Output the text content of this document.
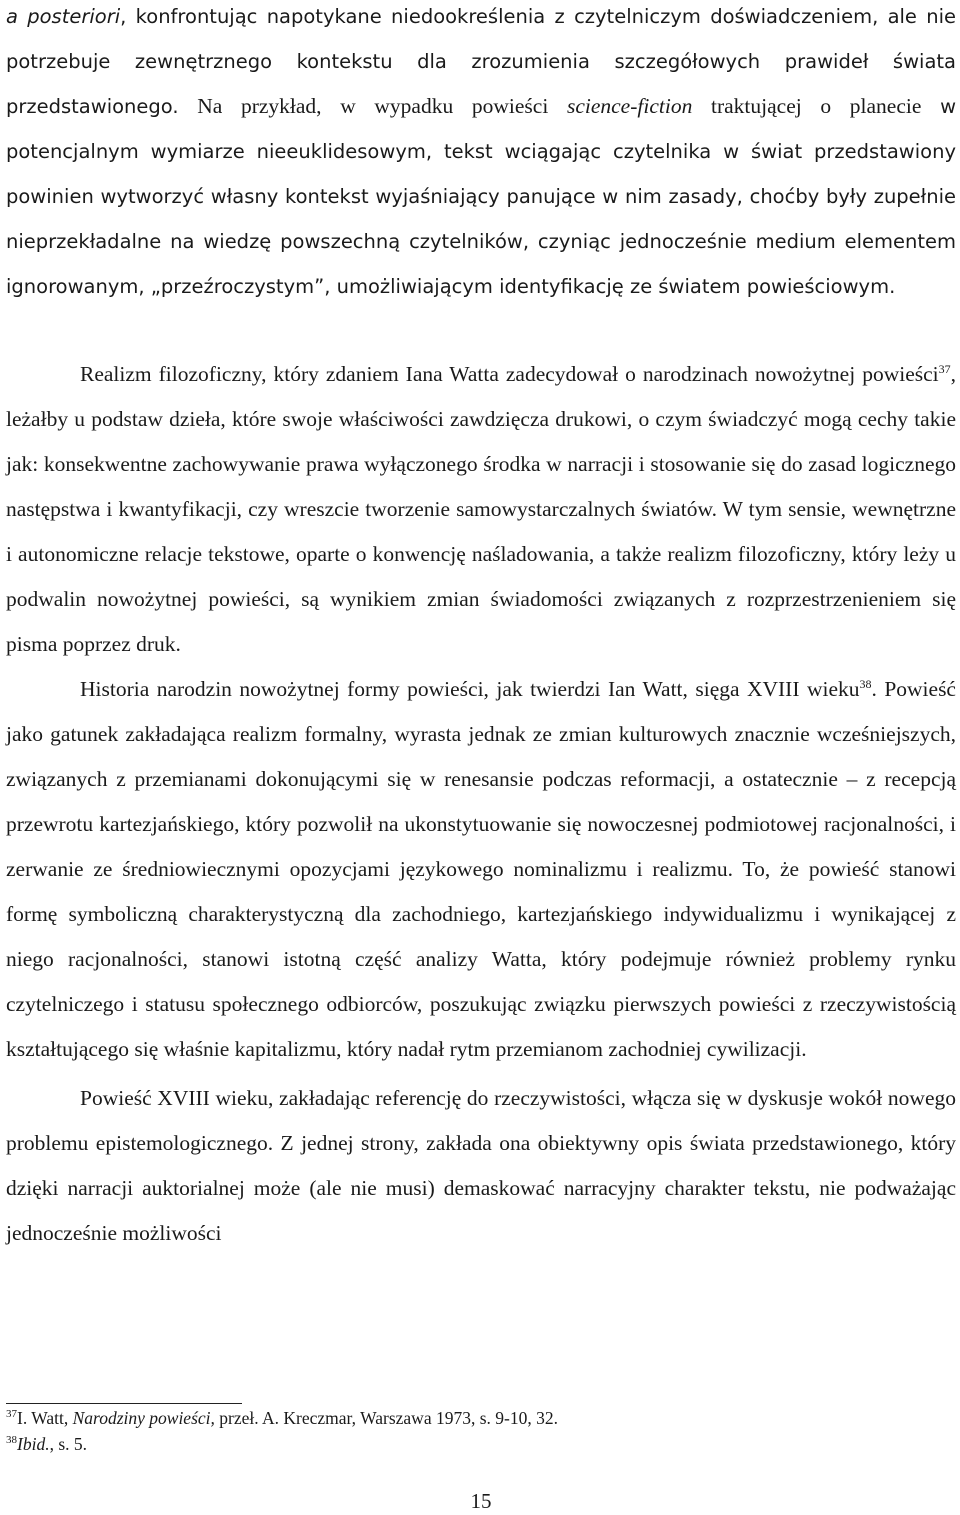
a posteriori, konfrontując napotykane niedookreślenia z czytelniczym doświadczeniem, ale nie potrzebuje zewnętrznego kontekstu dla zrozumienia szczegółowych prawideł świata przedstawionego. Na przykład, w wypadku powieści science-fiction traktującej o planecie w potencjalnym wymiarze nieeuklidesowym, tekst wciągając czytelnika w świat przedstawiony powinien wytworzyć własny kontekst wyjaśniający panujące w nim zasady, choćby były zupełnie nieprzekładalne na wiedzę powszechną czytelników, czyniąc jednocześnie medium elementem ignorowanym, „przeźroczystym”, umożliwiającym identyfikację ze światem powieściowym.

Realizm filozoficzny, który zdaniem Iana Watta zadecydował o narodzinach nowożytnej powieści$^{37}$, leżałby u podstaw dzieła, które swoje właściwości zawdzięcza drukowi, o czym świadczyć mogą cechy takie jak: konsekwentne zachowywanie prawa wyłączonego środka w narracji i stosowanie się do zasad logicznego następstwa i kwantyfikacji, czy wreszcie tworzenie samowystarczalnych światów. W tym sensie, wewnętrzne i autonomiczne relacje tekstowe, oparte o konwencję naśladowania, a także realizm filozoficzny, który leży u podwalin nowożytnej powieści, są wynikiem zmian świadomości związanych z rozprzestrzenieniem się pisma poprzez druk.

Historia narodzin nowożytnej formy powieści, jak twierdzi Ian Watt, sięga XVIII wieku$^{38}$. Powieść jako gatunek zakładająca realizm formalny, wyrasta jednak ze zmian kulturowych znacznie wcześniejszych, związanych z przemianami dokonującymi się w renesansie podczas reformacji, a ostatecznie – z recepcją przewrotu kartezjańskiego, który pozwolił na ukonstytuowanie się nowoczesnej podmiotowej racjonalności, i zerwanie ze średniowiecznymi opozycjami językowego nominalizmu i realizmu. To, że powieść stanowi formę symboliczną charakterystyczną dla zachodniego, kartezjańskiego indywidualizmu i wynikającej z niego racjonalności, stanowi istotną część analizy Watta, który podejmuje również problemy rynku czytelniczego i statusu społecznego odbiorców, poszukując związku pierwszych powieści z rzeczywistością kształtującego się właśnie kapitalizmu, który nadał rytm przemianom zachodniej cywilizacji.

Powieść XVIII wieku, zakładając referencję do rzeczywistości, włącza się w dyskusje wokół nowego problemu epistemologicznego. Z jednej strony, zakłada ona obiektywny opis świata przedstawionego, który dzięki narracji auktorialnej może (ale nie musi) demaskować narracyjny charakter tekstu, nie podważając jednocześnie możliwości

$^{37}$I. Watt, Narodziny powieści, przeł. A. Kreczmar, Warszawa 1973, s. 9-10, 32.
$^{38}$Ibid., s. 5.
15
